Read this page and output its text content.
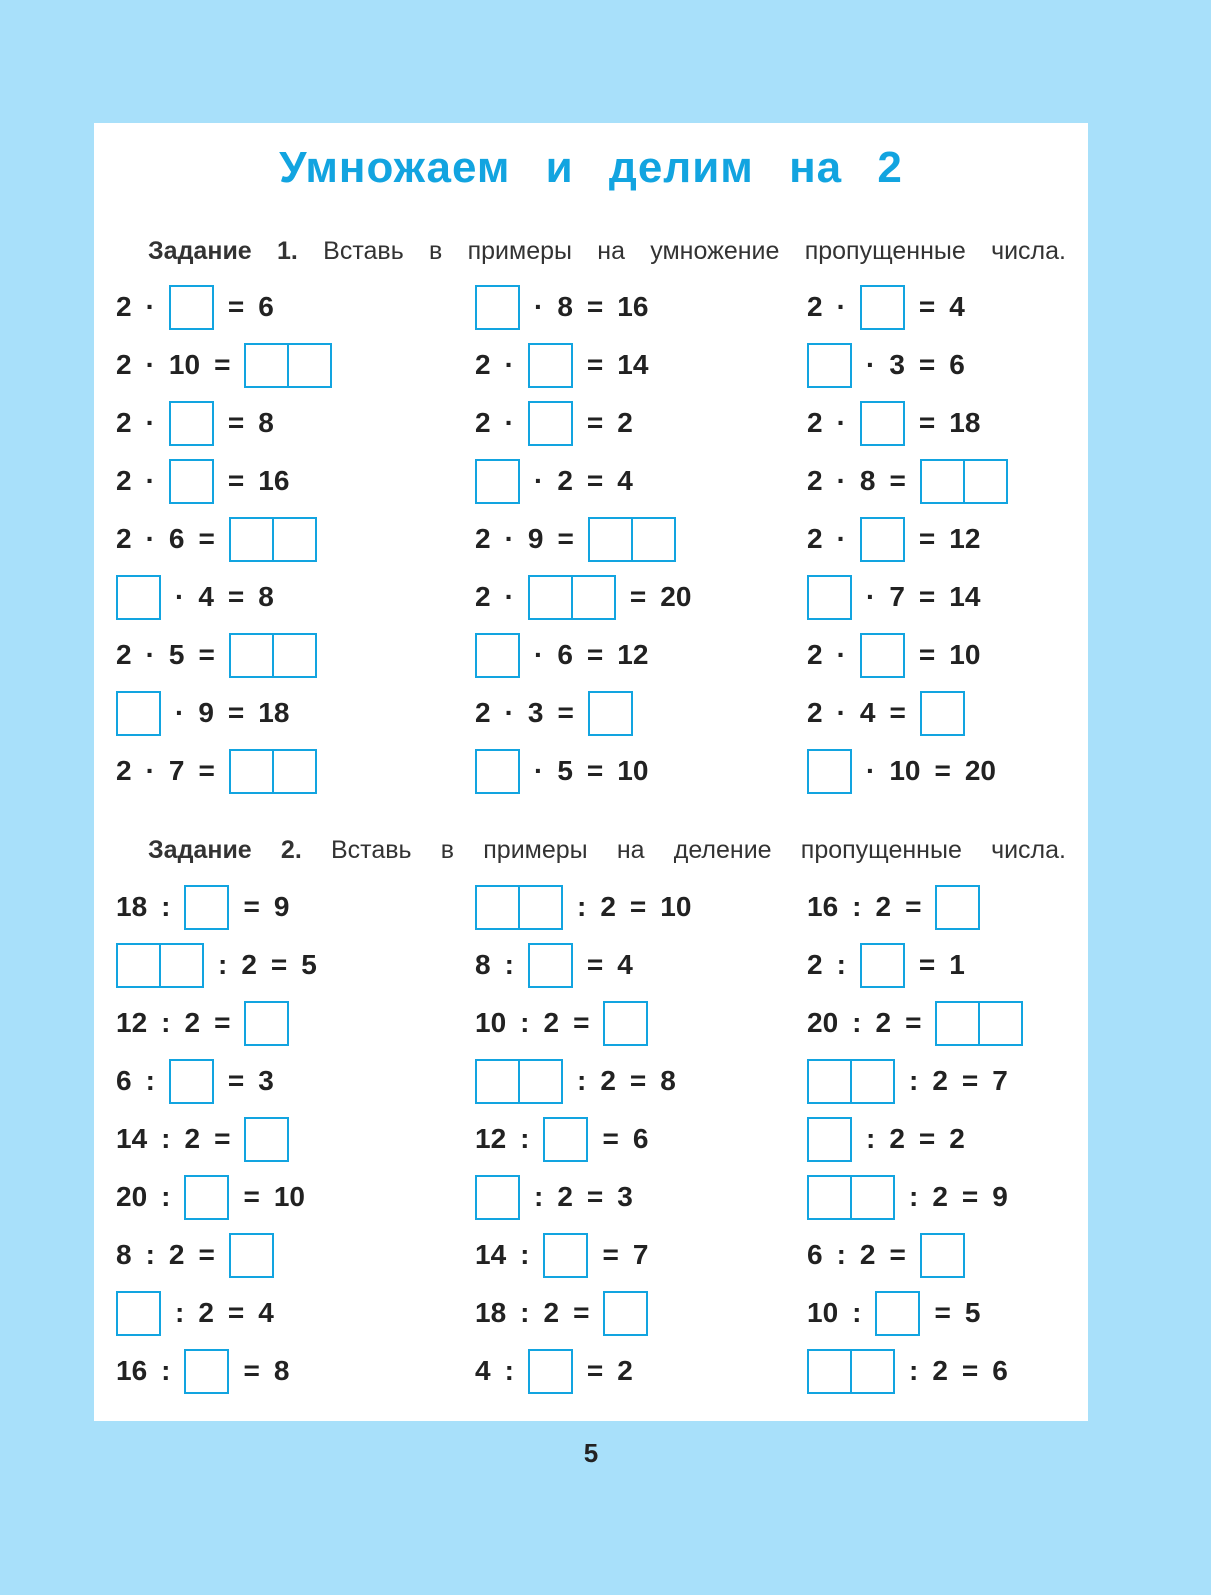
Умножаем и делим на 2
Задание 1. Вставь в примеры на умножение пропущенные числа.
2 ·	= 6
2 · 10 =
2 ·	= 8
2 ·	= 16
2 · 6 =
· 4 = 8
2 · 5 =
· 9 = 18
2 · 7 =
· 8 = 16
2 ·	= 14
2 ·	= 2
· 2 = 4
2 · 9 =
2 ·	= 20
· 6 = 12
2 · 3 =
· 5 = 10
2 ·	= 4
· 3 = 6
2 ·	= 18
2 · 8 =
2 ·	= 12
· 7 = 14
2 ·	= 10
2 · 4 =
· 10 = 20
Задание 2. Вставь в примеры на деление пропущенные числа.
18 :	= 9
: 2 = 5
12 : 2 =
6 :	= 3
14 : 2 =
20 :	= 10
8 : 2 =
: 2 = 4
16 :	= 8
: 2 = 10
8 :	= 4
10 : 2 =
: 2 = 8
12 :	= 6
: 2 = 3
14 :	= 7
18 : 2 =
4 :	= 2
16 : 2 =
2 :	= 1
20 : 2 =
: 2 = 7
: 2 = 2
: 2 = 9
6 : 2 =
10 :	= 5
: 2 = 6
5
